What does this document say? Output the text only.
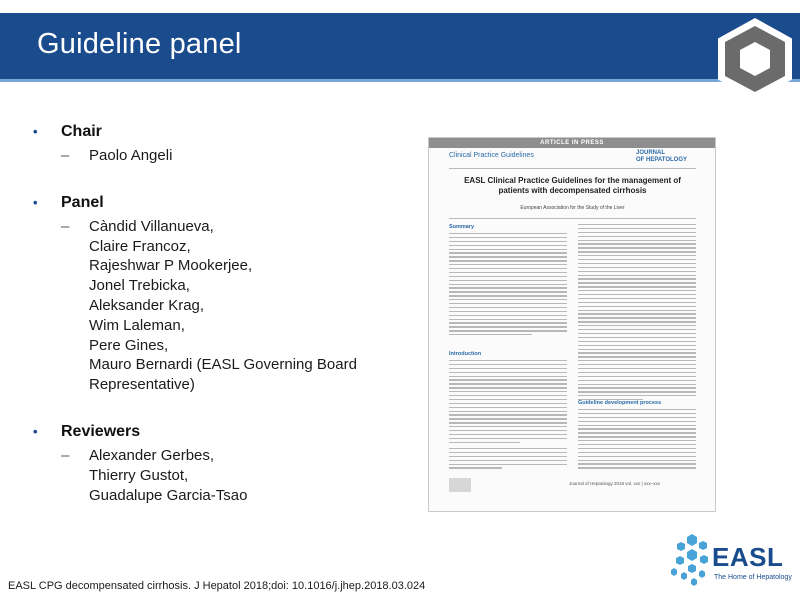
Guideline panel
•	Chair
–	Paolo Angeli
•	Panel
–	Càndid Villanueva,
Claire Francoz,
Rajeshwar P Mookerjee,
Jonel Trebicka,
Aleksander Krag,
Wim Laleman,
Pere Gines,
Mauro Bernardi (EASL Governing Board
Representative)
•	Reviewers
–	Alexander Gerbes,
Thierry Gustot,
Guadalupe Garcia-Tsao
ARTICLE IN PRESS
Clinical Practice Guidelines	JOURNAL
OF HEPATOLOGY
EASL Clinical Practice Guidelines for the management of patients with decompensated cirrhosis
European Association for the Study of the Liver
Summary
Introduction
Guideline development process
Journal of Hepatology 2018 vol. xxx | xxx–xxx
EASL
The Home of Hepatology
EASL CPG decompensated cirrhosis. J Hepatol 2018;doi: 10.1016/j.jhep.2018.03.024
